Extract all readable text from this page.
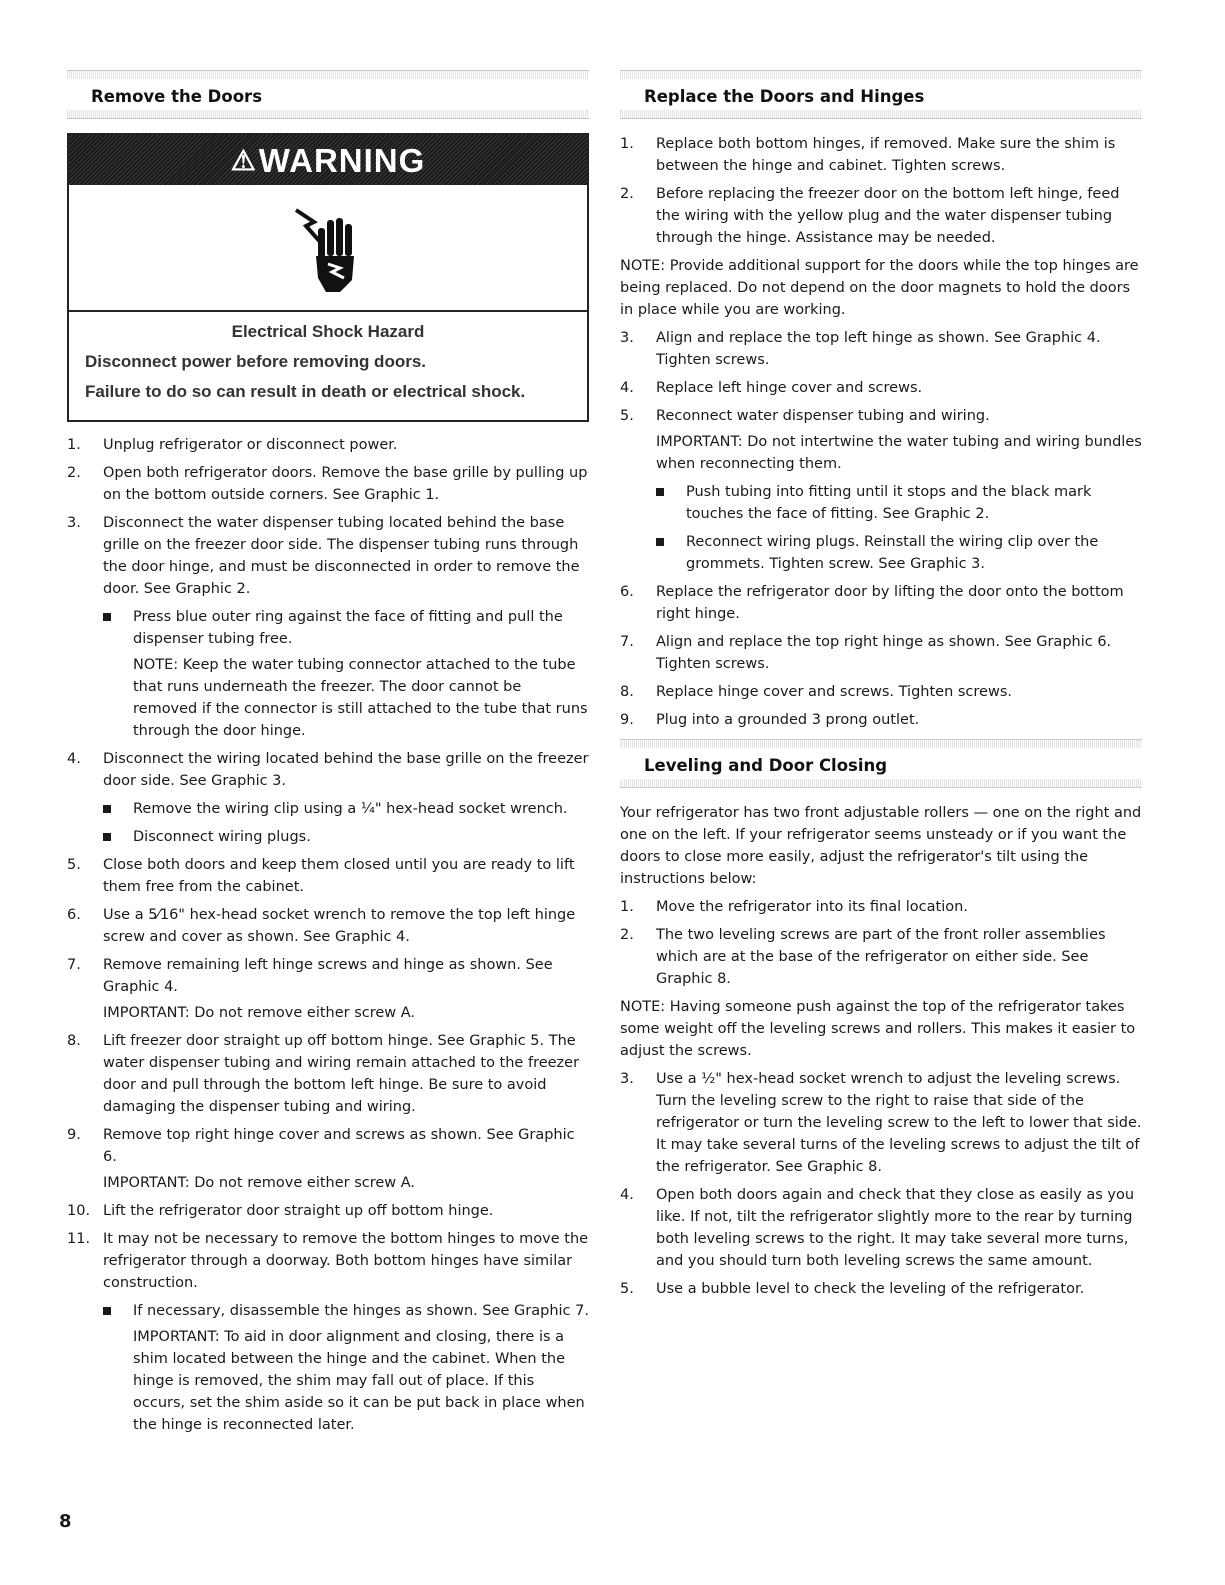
Remove the Doors
⚠WARNING
Electrical Shock Hazard
Disconnect power before removing doors.
Failure to do so can result in death or electrical shock.
1. Unplug refrigerator or disconnect power.
2. Open both refrigerator doors. Remove the base grille by pulling up on the bottom outside corners. See Graphic 1.
3. Disconnect the water dispenser tubing located behind the base grille on the freezer door side. The dispenser tubing runs through the door hinge, and must be disconnected in order to remove the door. See Graphic 2.
Press blue outer ring against the face of fitting and pull the dispenser tubing free.
NOTE: Keep the water tubing connector attached to the tube that runs underneath the freezer. The door cannot be removed if the connector is still attached to the tube that runs through the door hinge.
4. Disconnect the wiring located behind the base grille on the freezer door side. See Graphic 3.
Remove the wiring clip using a ¼" hex-head socket wrench.
Disconnect wiring plugs.
5. Close both doors and keep them closed until you are ready to lift them free from the cabinet.
6. Use a 5⁄16" hex-head socket wrench to remove the top left hinge screw and cover as shown. See Graphic 4.
7. Remove remaining left hinge screws and hinge as shown. See Graphic 4.
IMPORTANT: Do not remove either screw A.
8. Lift freezer door straight up off bottom hinge. See Graphic 5. The water dispenser tubing and wiring remain attached to the freezer door and pull through the bottom left hinge. Be sure to avoid damaging the dispenser tubing and wiring.
9. Remove top right hinge cover and screws as shown. See Graphic 6.
IMPORTANT: Do not remove either screw A.
10. Lift the refrigerator door straight up off bottom hinge.
11. It may not be necessary to remove the bottom hinges to move the refrigerator through a doorway. Both bottom hinges have similar construction.
If necessary, disassemble the hinges as shown. See Graphic 7.
IMPORTANT: To aid in door alignment and closing, there is a shim located between the hinge and the cabinet. When the hinge is removed, the shim may fall out of place. If this occurs, set the shim aside so it can be put back in place when the hinge is reconnected later.
Replace the Doors and Hinges
1. Replace both bottom hinges, if removed. Make sure the shim is between the hinge and cabinet. Tighten screws.
2. Before replacing the freezer door on the bottom left hinge, feed the wiring with the yellow plug and the water dispenser tubing through the hinge. Assistance may be needed.

NOTE: Provide additional support for the doors while the top hinges are being replaced. Do not depend on the door magnets to hold the doors in place while you are working.

3. Align and replace the top left hinge as shown. See Graphic 4. Tighten screws.
4. Replace left hinge cover and screws.
5. Reconnect water dispenser tubing and wiring.
IMPORTANT: Do not intertwine the water tubing and wiring bundles when reconnecting them.
Push tubing into fitting until it stops and the black mark touches the face of fitting. See Graphic 2.
Reconnect wiring plugs. Reinstall the wiring clip over the grommets. Tighten screw. See Graphic 3.
6. Replace the refrigerator door by lifting the door onto the bottom right hinge.
7. Align and replace the top right hinge as shown. See Graphic 6. Tighten screws.
8. Replace hinge cover and screws. Tighten screws.
9. Plug into a grounded 3 prong outlet.
Leveling and Door Closing

Your refrigerator has two front adjustable rollers — one on the right and one on the left. If your refrigerator seems unsteady or if you want the doors to close more easily, adjust the refrigerator's tilt using the instructions below:

1. Move the refrigerator into its final location.
2. The two leveling screws are part of the front roller assemblies which are at the base of the refrigerator on either side. See Graphic 8.

NOTE: Having someone push against the top of the refrigerator takes some weight off the leveling screws and rollers. This makes it easier to adjust the screws.

3. Use a ½" hex-head socket wrench to adjust the leveling screws. Turn the leveling screw to the right to raise that side of the refrigerator or turn the leveling screw to the left to lower that side. It may take several turns of the leveling screws to adjust the tilt of the refrigerator. See Graphic 8.
4. Open both doors again and check that they close as easily as you like. If not, tilt the refrigerator slightly more to the rear by turning both leveling screws to the right. It may take several more turns, and you should turn both leveling screws the same amount.
5. Use a bubble level to check the leveling of the refrigerator.
8
